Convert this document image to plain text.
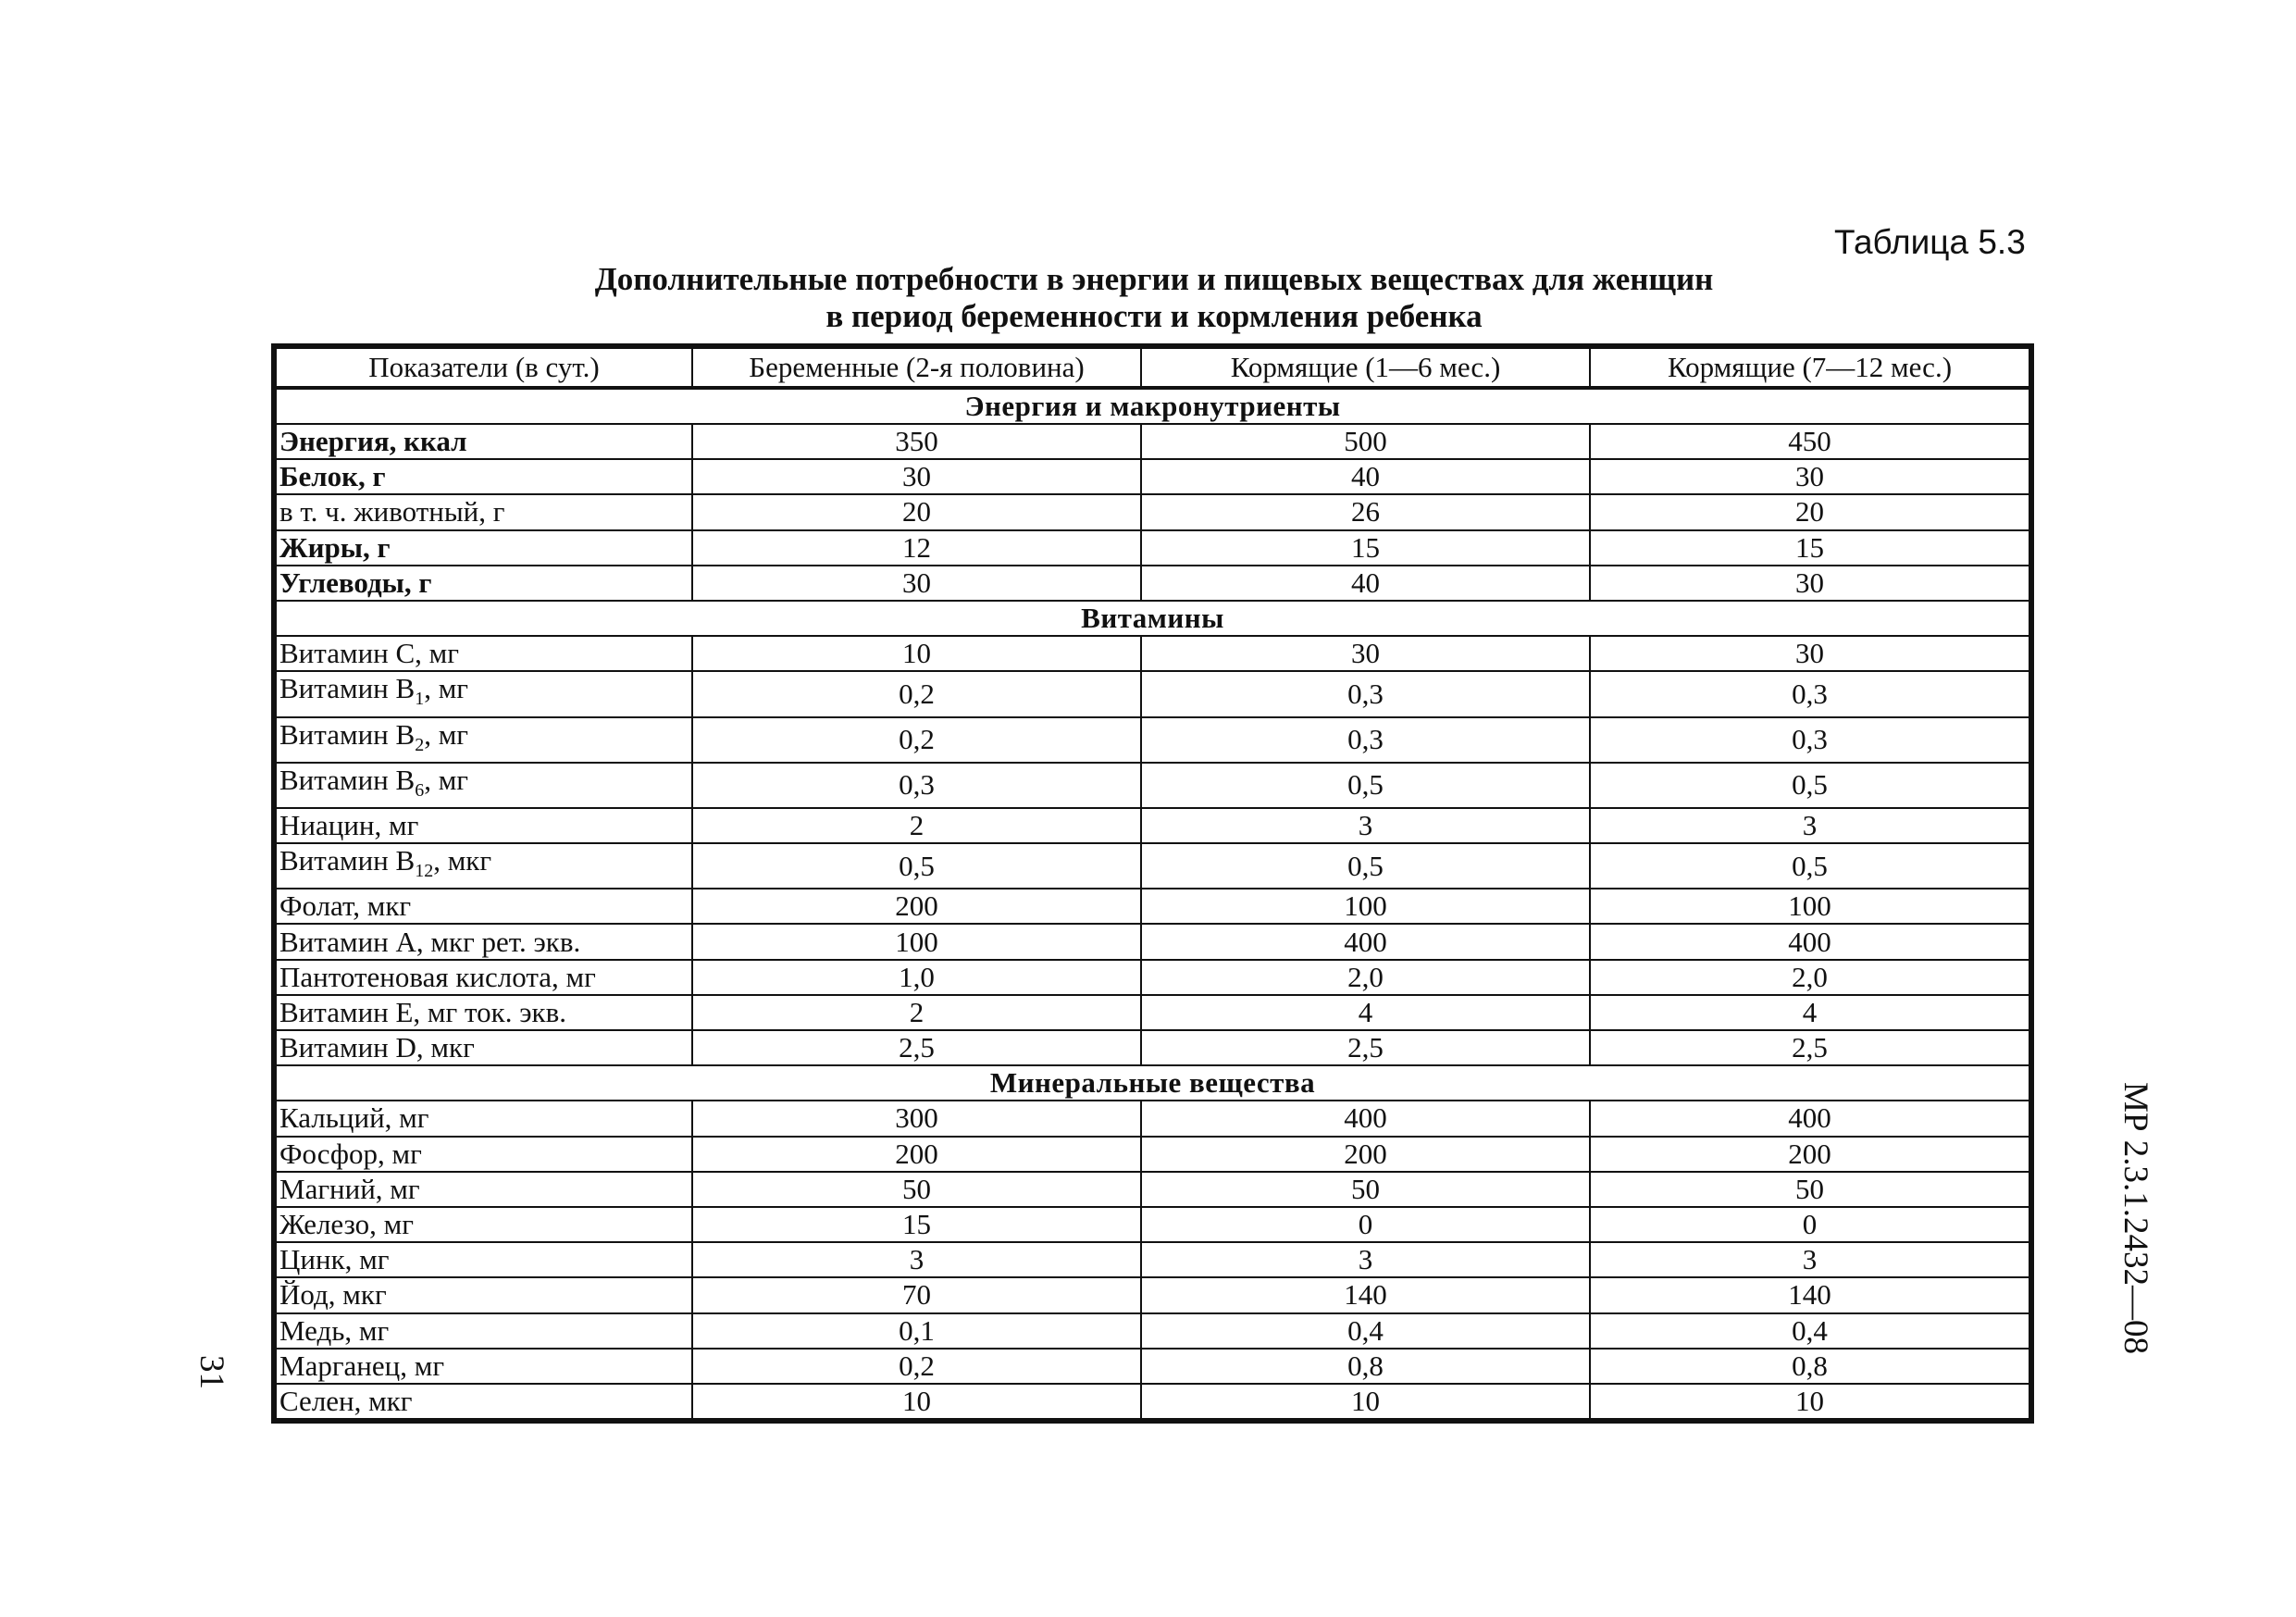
Таблица 5.3
Дополнительные потребности в энергии и пищевых веществах для женщин
в период беременности и кормления ребенка
Показатели (в сут.)	Беременные (2-я половина)	Кормящие (1—6 мес.)	Кормящие (7—12 мес.)
Энергия и макронутриенты			
Энергия, ккал	350	500	450
Белок, г	30	40	30
в т. ч. животный, г	20	26	20
Жиры, г	12	15	15
Углеводы, г	30	40	30
Витамины			
Витамин С, мг	10	30	30
Витамин $В_1$, мг	0,2	0,3	0,3
Витамин $В_2$, мг	0,2	0,3	0,3
Витамин $В_6$, мг	0,3	0,5	0,5
Ниацин, мг	2	3	3
Витамин $В_{12}$, мкг	0,5	0,5	0,5
Фолат, мкг	200	100	100
Витамин А, мкг рет. экв.	100	400	400
Пантотеновая кислота, мг	1,0	2,0	2,0
Витамин Е, мг ток. экв.	2	4	4
Витамин D, мкг	2,5	2,5	2,5
Минеральные вещества			
Кальций, мг	300	400	400
Фосфор, мг	200	200	200
Магний, мг	50	50	50
Железо, мг	15	0	0
Цинк, мг	3	3	3
Йод, мкг	70	140	140
Медь, мг	0,1	0,4	0,4
Марганец, мг	0,2	0,8	0,8
Селен, мкг	10	10	10
МР 2.3.1.2432—08
31
